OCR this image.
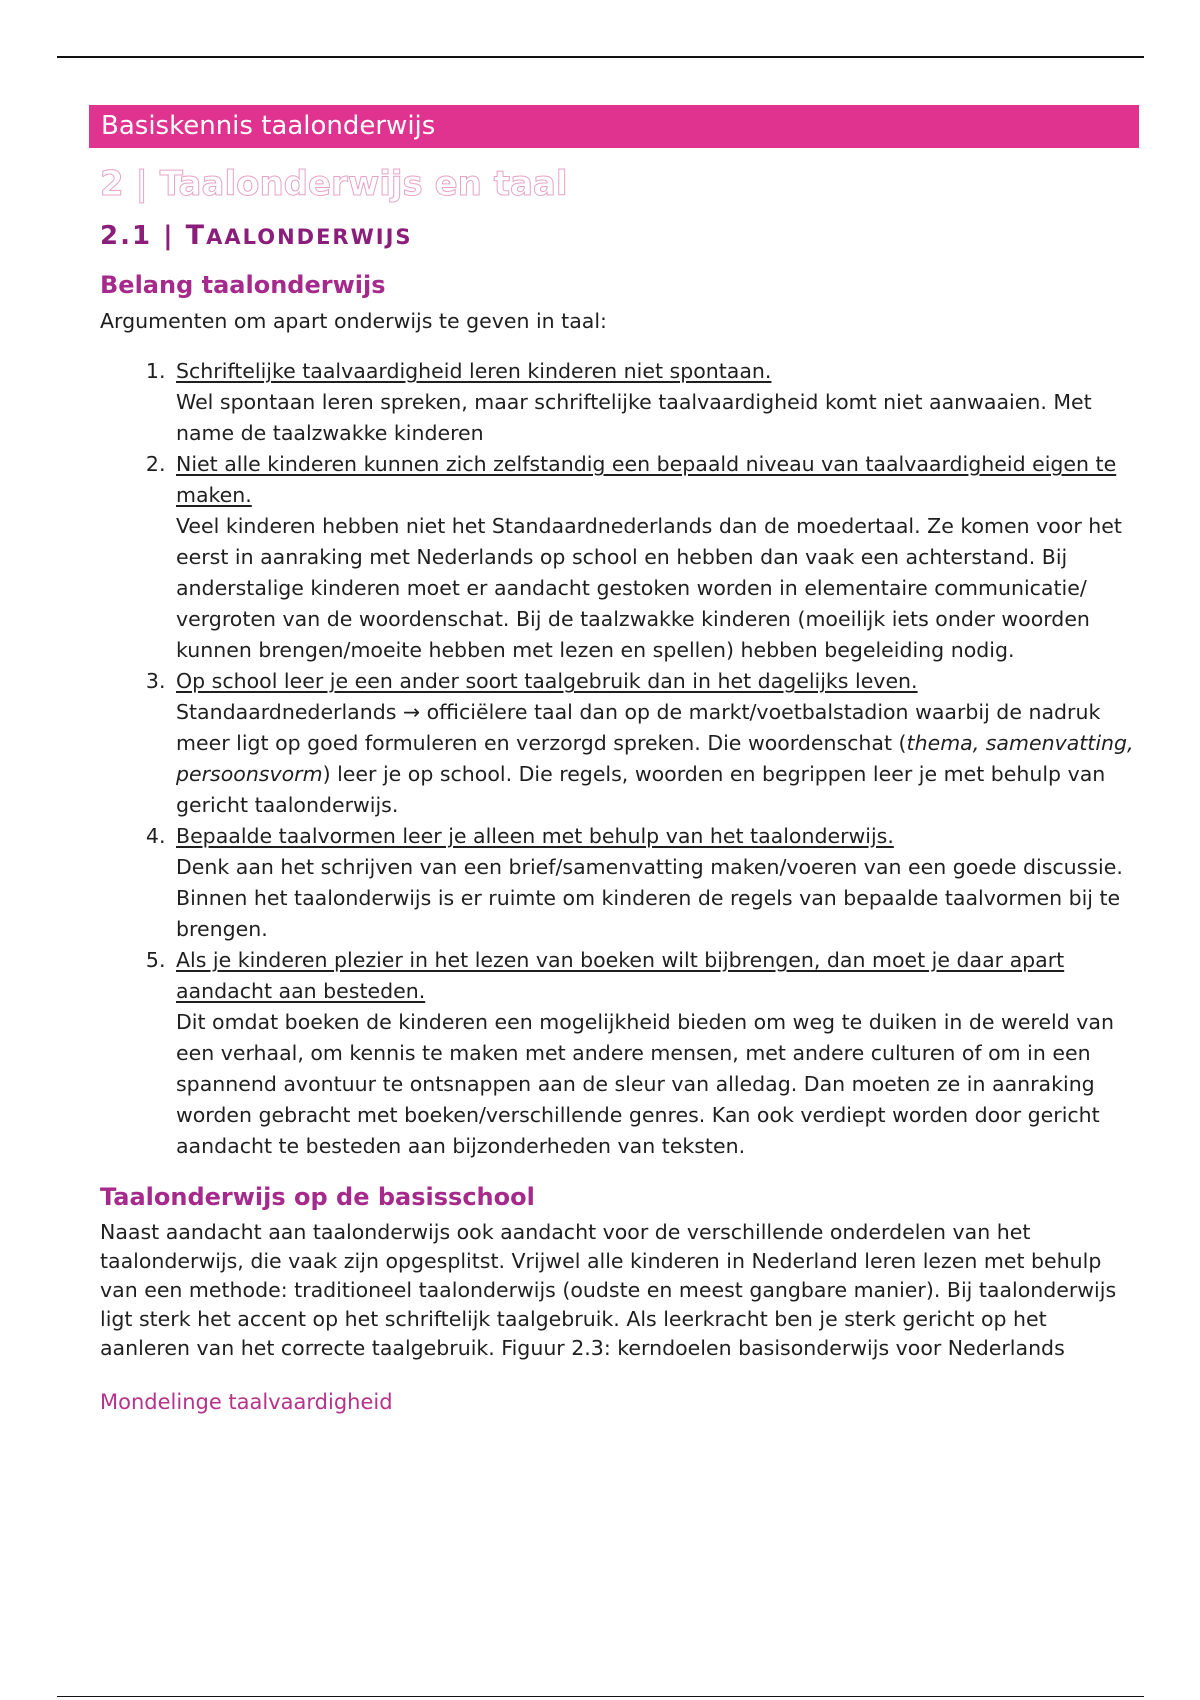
Basiskennis taalonderwijs
2 | Taalonderwijs en taal
2.1 | TAALONDERWIJS
Belang taalonderwijs

Argumenten om apart onderwijs te geven in taal:

1. Schriftelijke taalvaardigheid leren kinderen niet spontaan.
Wel spontaan leren spreken, maar schriftelijke taalvaardigheid komt niet aanwaaien. Met name de taalzwakke kinderen
2. Niet alle kinderen kunnen zich zelfstandig een bepaald niveau van taalvaardigheid eigen te maken.
Veel kinderen hebben niet het Standaardnederlands dan de moedertaal. Ze komen voor het eerst in aanraking met Nederlands op school en hebben dan vaak een achterstand. Bij anderstalige kinderen moet er aandacht gestoken worden in elementaire communicatie/
vergroten van de woordenschat. Bij de taalzwakke kinderen (moeilijk iets onder woorden kunnen brengen/moeite hebben met lezen en spellen) hebben begeleiding nodig.
3. Op school leer je een ander soort taalgebruik dan in het dagelijks leven.
Standaardnederlands → officiëlere taal dan op de markt/voetbalstadion waarbij de nadruk meer ligt op goed formuleren en verzorgd spreken. Die woordenschat (thema, samenvatting, persoonsvorm) leer je op school. Die regels, woorden en begrippen leer je met behulp van gericht taalonderwijs.
4. Bepaalde taalvormen leer je alleen met behulp van het taalonderwijs.
Denk aan het schrijven van een brief/samenvatting maken/voeren van een goede discussie. Binnen het taalonderwijs is er ruimte om kinderen de regels van bepaalde taalvormen bij te brengen.
5. Als je kinderen plezier in het lezen van boeken wilt bijbrengen, dan moet je daar apart aandacht aan besteden.
Dit omdat boeken de kinderen een mogelijkheid bieden om weg te duiken in de wereld van een verhaal, om kennis te maken met andere mensen, met andere culturen of om in een spannend avontuur te ontsnappen aan de sleur van alledag. Dan moeten ze in aanraking worden gebracht met boeken/verschillende genres. Kan ook verdiept worden door gericht aandacht te besteden aan bijzonderheden van teksten.
Taalonderwijs op de basisschool

Naast aandacht aan taalonderwijs ook aandacht voor de verschillende onderdelen van het taalonderwijs, die vaak zijn opgesplitst. Vrijwel alle kinderen in Nederland leren lezen met behulp van een methode: traditioneel taalonderwijs (oudste en meest gangbare manier). Bij taalonderwijs ligt sterk het accent op het schriftelijk taalgebruik. Als leerkracht ben je sterk gericht op het aanleren van het correcte taalgebruik. Figuur 2.3: kerndoelen basisonderwijs voor Nederlands

Mondelinge taalvaardigheid
